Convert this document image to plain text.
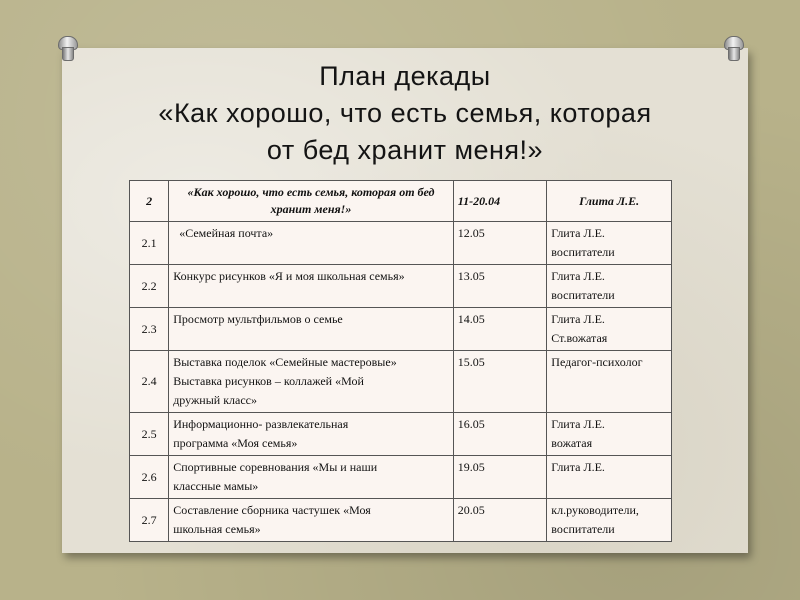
План декады
«Как хорошо, что есть семья, которая
от бед хранит меня!»
2	«Как хорошо, что есть семья, которая от бед хранит меня!»	11-20.04	Глита Л.Е.
2.1	«Семейная почта»	12.05	Глита Л.Е.
воспитатели

2.2	Конкурс рисунков «Я и моя школьная семья»	13.05	Глита Л.Е.
воспитатели

2.3	Просмотр мультфильмов о семье	14.05	Глита Л.Е.
Ст.вожатая

2.4	Выставка поделок «Семейные мастеровые»
Выставка рисунков – коллажей «Мой
дружный класс»	15.05	Педагог-психолог

2.5	Информационно- развлекательная
программа «Моя семья»	16.05	Глита Л.Е.
вожатая

2.6	Спортивные соревнования «Мы и наши
классные мамы»	19.05	Глита Л.Е.

2.7	Составление сборника частушек «Моя
школьная семья»	20.05	кл.руководители,
воспитатели
